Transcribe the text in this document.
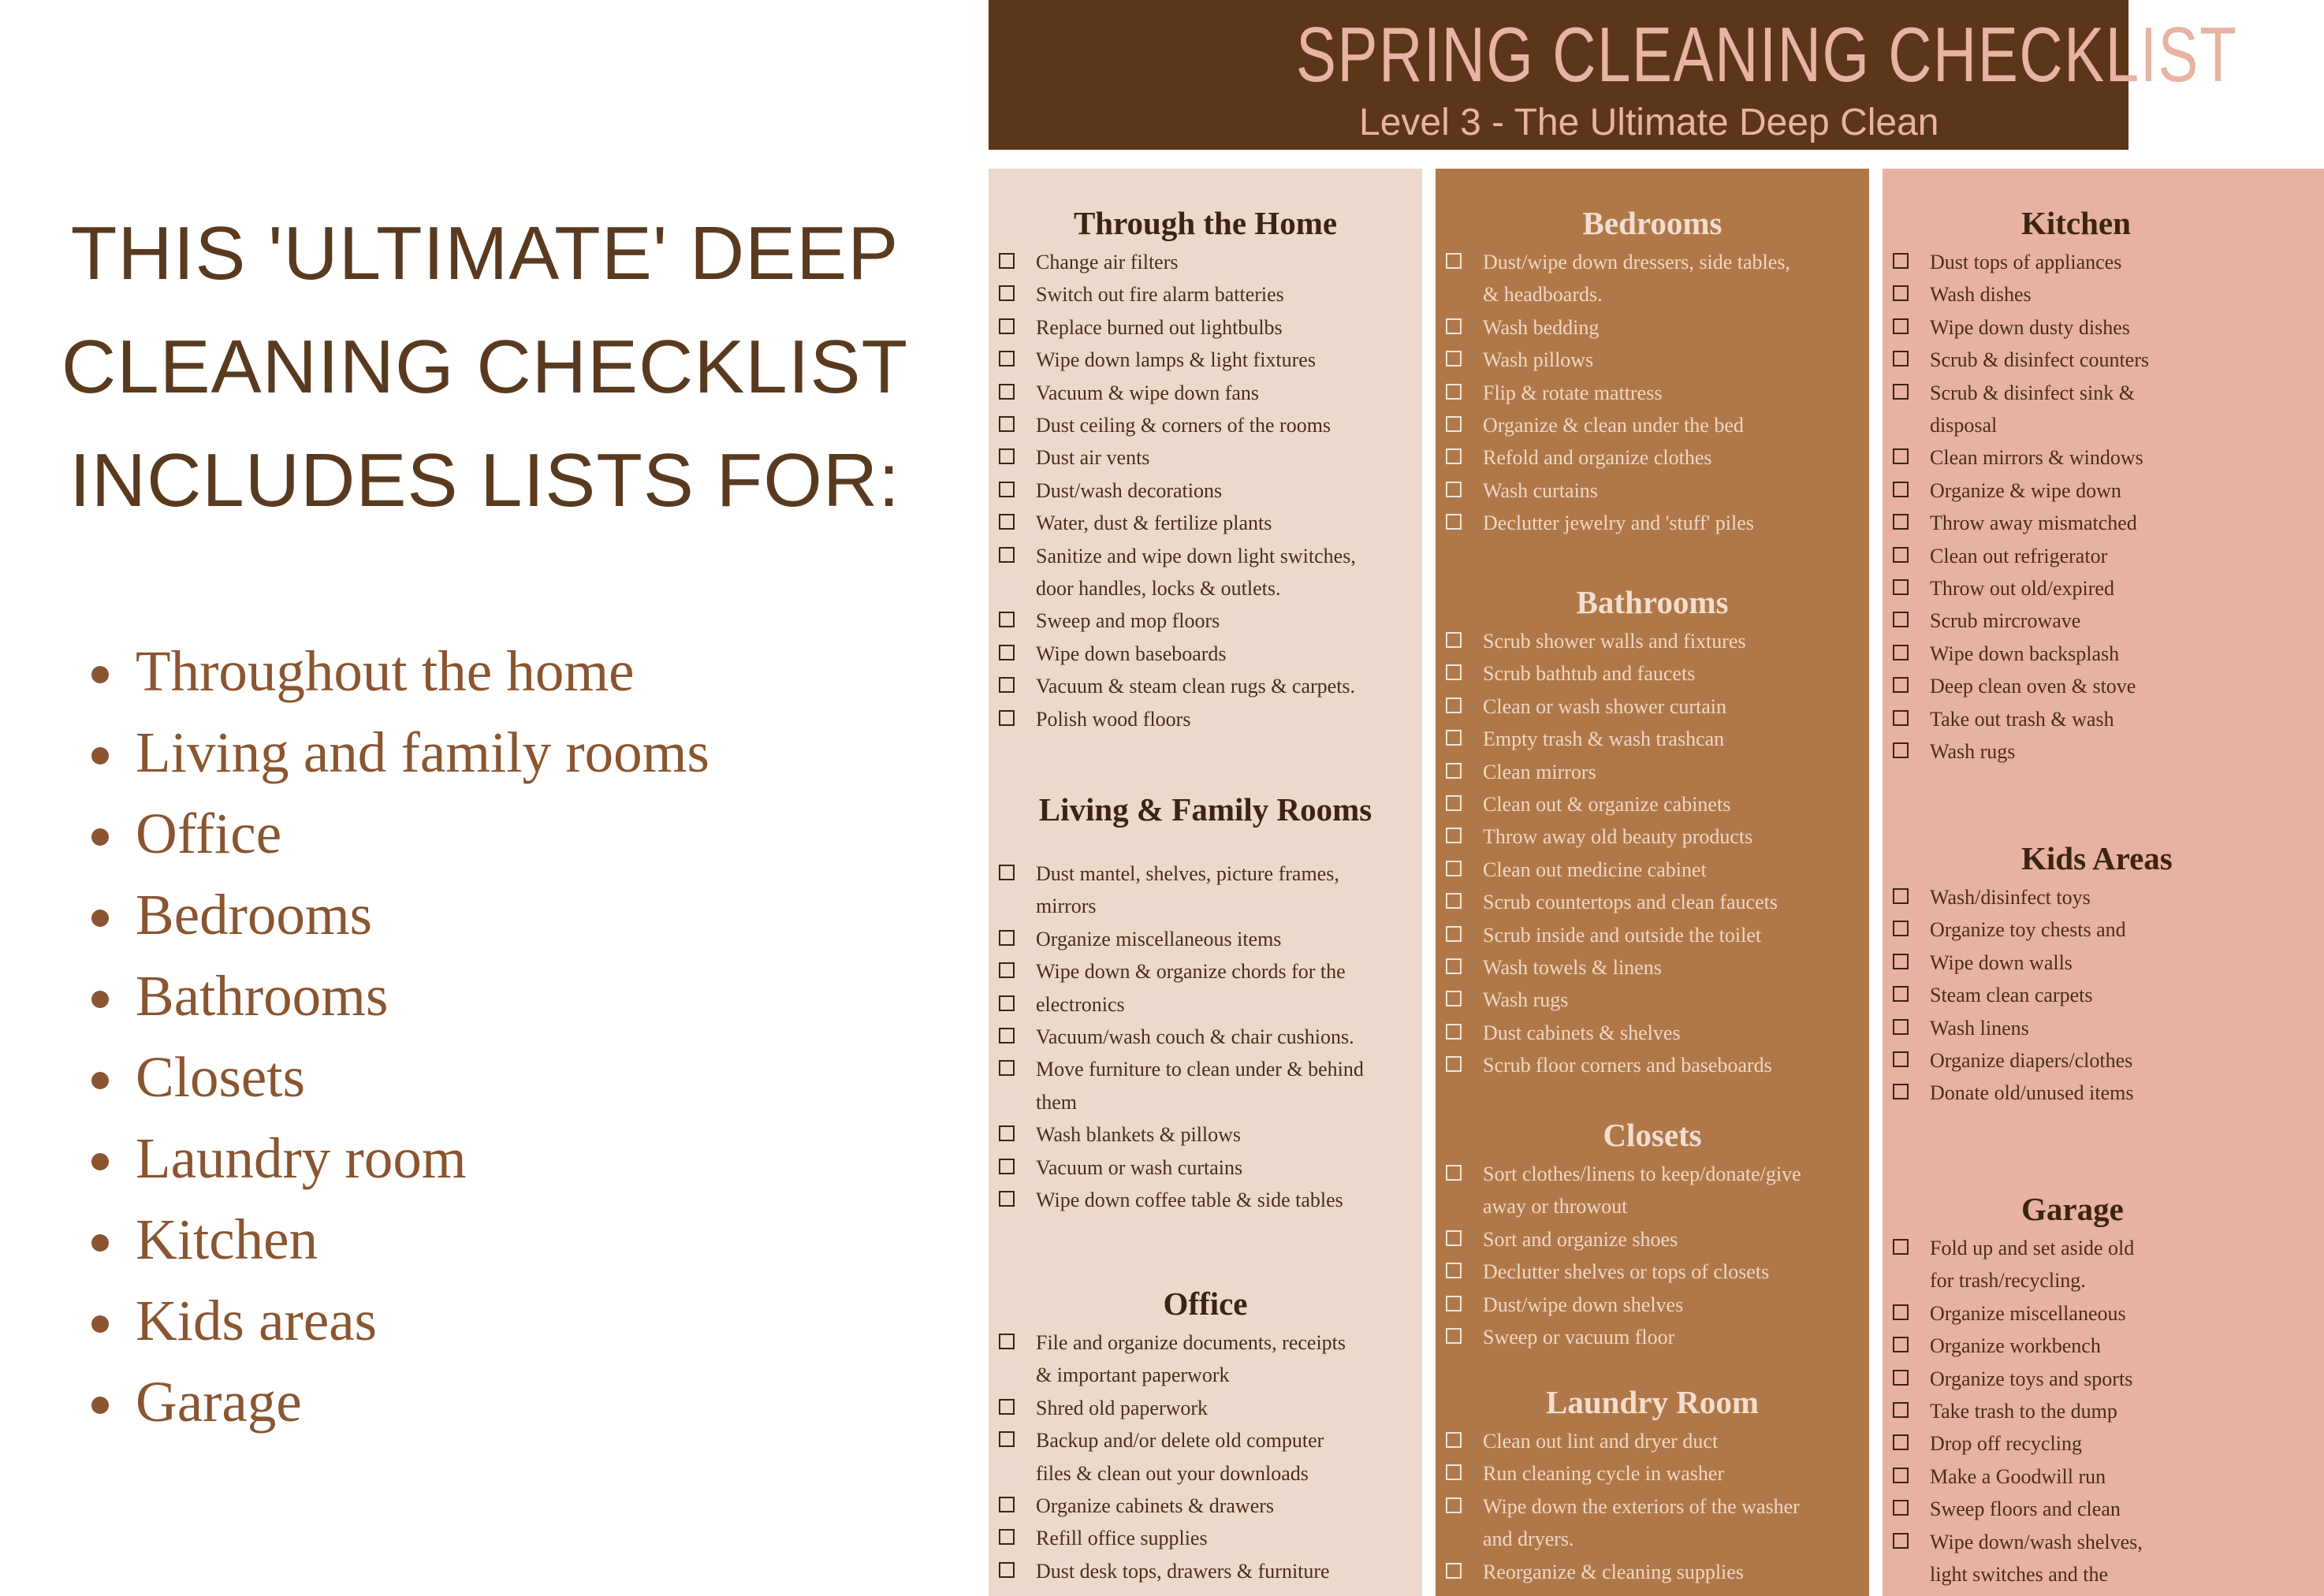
THIS 'ULTIMATE' DEEP
CLEANING CHECKLIST
INCLUDES LISTS FOR:
Throughout the home
Living and family rooms
Office
Bedrooms
Bathrooms
Closets
Laundry room
Kitchen
Kids areas
Garage
SPRING CLEANING CHECKLIST
Level 3 - The Ultimate Deep Clean
Through the Home
Change air filters
Switch out fire alarm batteries
Replace burned out lightbulbs
Wipe down lamps & light fixtures
Vacuum & wipe down fans
Dust ceiling & corners of the rooms
Dust air vents
Dust/wash decorations
Water, dust & fertilize plants
Sanitize and wipe down light switches,
door handles, locks & outlets.
Sweep and mop floors
Wipe down baseboards
Vacuum & steam clean rugs & carpets.
Polish wood floors
Living & Family Rooms
Dust mantel, shelves, picture frames,
mirrors
Organize miscellaneous items
Wipe down & organize chords for the
electronics
Vacuum/wash couch & chair cushions.
Move furniture to clean under & behind
them
Wash blankets & pillows
Vacuum or wash curtains
Wipe down coffee table & side tables
Office
File and organize documents, receipts
& important paperwork
Shred old paperwork
Backup and/or delete old computer
files & clean out your downloads
Organize cabinets & drawers
Refill office supplies
Dust desk tops, drawers & furniture
Bedrooms
Dust/wipe down dressers, side tables,
& headboards.
Wash bedding
Wash pillows
Flip & rotate mattress
Organize & clean under the bed
Refold and organize clothes
Wash curtains
Declutter jewelry and 'stuff' piles
Bathrooms
Scrub shower walls and fixtures
Scrub bathtub and faucets
Clean or wash shower curtain
Empty trash & wash trashcan
Clean mirrors
Clean out & organize cabinets
Throw away old beauty products
Clean out medicine cabinet
Scrub countertops and clean faucets
Scrub inside and outside the toilet
Wash towels & linens
Wash rugs
Dust cabinets & shelves
Scrub floor corners and baseboards
Closets
Sort clothes/linens to keep/donate/give
away or throwout
Sort and organize shoes
Declutter shelves or tops of closets
Dust/wipe down shelves
Sweep or vacuum floor
Laundry Room
Clean out lint and dryer duct
Run cleaning cycle in washer
Wipe down the exteriors of the washer
and dryers.
Reorganize & cleaning supplies
Kitchen
Dust tops of appliances
Wash dishes
Wipe down dusty dishes
Scrub & disinfect counters
Scrub & disinfect sink &
disposal
Clean mirrors & windows
Organize & wipe down
Throw away mismatched
Clean out refrigerator
Throw out old/expired
Scrub mircrowave
Wipe down backsplash
Deep clean oven & stove
Take out trash & wash
Wash rugs
Kids Areas
Wash/disinfect toys
Organize toy chests and
Wipe down walls
Steam clean carpets
Wash linens
Organize diapers/clothes
Donate old/unused items
Garage
Fold up and set aside old
for trash/recycling.
Organize miscellaneous
Organize workbench
Organize toys and sports
Take trash to the dump
Drop off recycling
Make a Goodwill run
Sweep floors and clean
Wipe down/wash shelves,
light switches and the
